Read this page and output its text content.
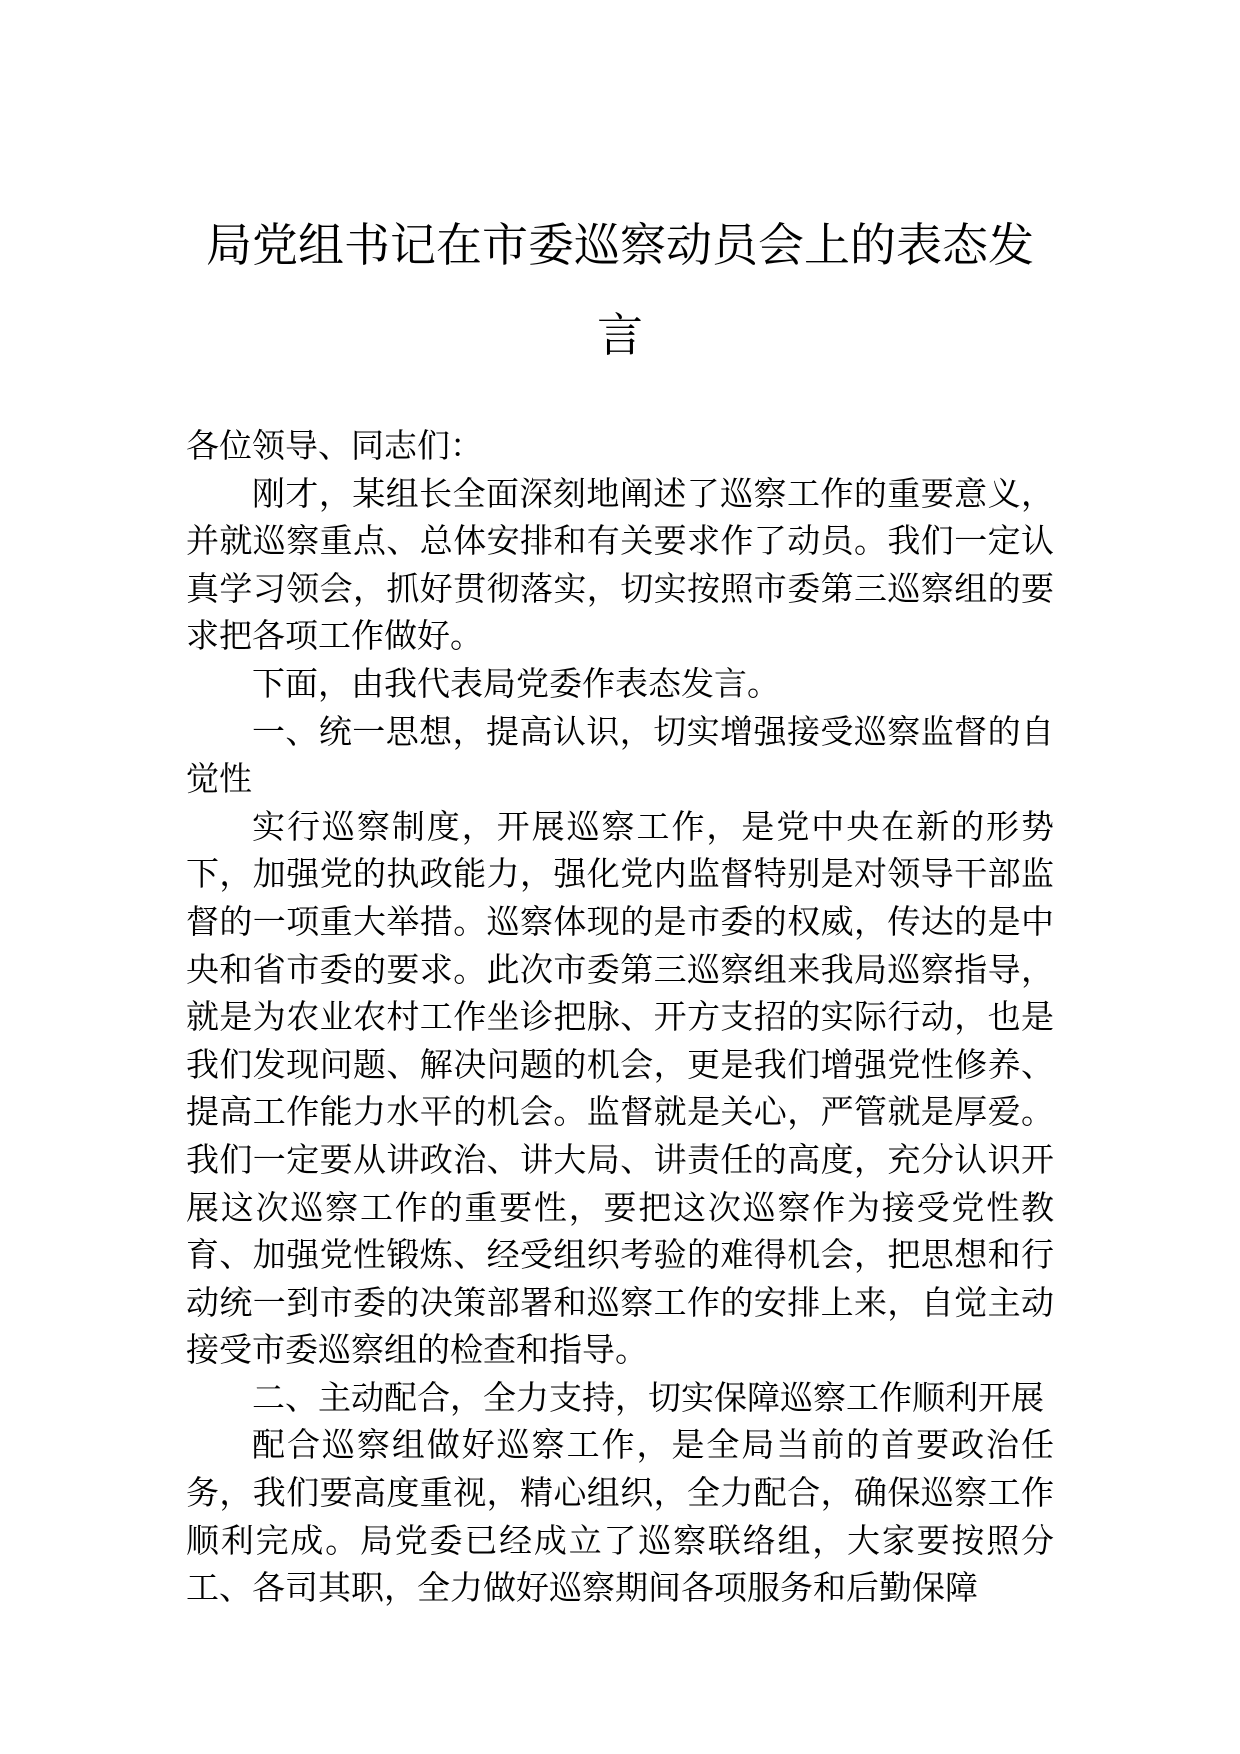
局党组书记在市委巡察动员会上的表态发言

各位领导、同志们：

刚才，某组长全面深刻地阐述了巡察工作的重要意义，并就巡察重点、总体安排和有关要求作了动员。我们一定认真学习领会，抓好贯彻落实，切实按照市委第三巡察组的要求把各项工作做好。

下面，由我代表局党委作表态发言。

一、统一思想，提高认识，切实增强接受巡察监督的自觉性

实行巡察制度，开展巡察工作，是党中央在新的形势下，加强党的执政能力，强化党内监督特别是对领导干部监督的一项重大举措。巡察体现的是市委的权威，传达的是中央和省市委的要求。此次市委第三巡察组来我局巡察指导，就是为农业农村工作坐诊把脉、开方支招的实际行动，也是我们发现问题、解决问题的机会，更是我们增强党性修养、提高工作能力水平的机会。监督就是关心，严管就是厚爱。我们一定要从讲政治、讲大局、讲责任的高度，充分认识开展这次巡察工作的重要性，要把这次巡察作为接受党性教育、加强党性锻炼、经受组织考验的难得机会，把思想和行动统一到市委的决策部署和巡察工作的安排上来，自觉主动接受市委巡察组的检查和指导。

二、主动配合，全力支持，切实保障巡察工作顺利开展

配合巡察组做好巡察工作，是全局当前的首要政治任务，我们要高度重视，精心组织，全力配合，确保巡察工作顺利完成。局党委已经成立了巡察联络组，大家要按照分工、各司其职，全力做好巡察期间各项服务和后勤保障
